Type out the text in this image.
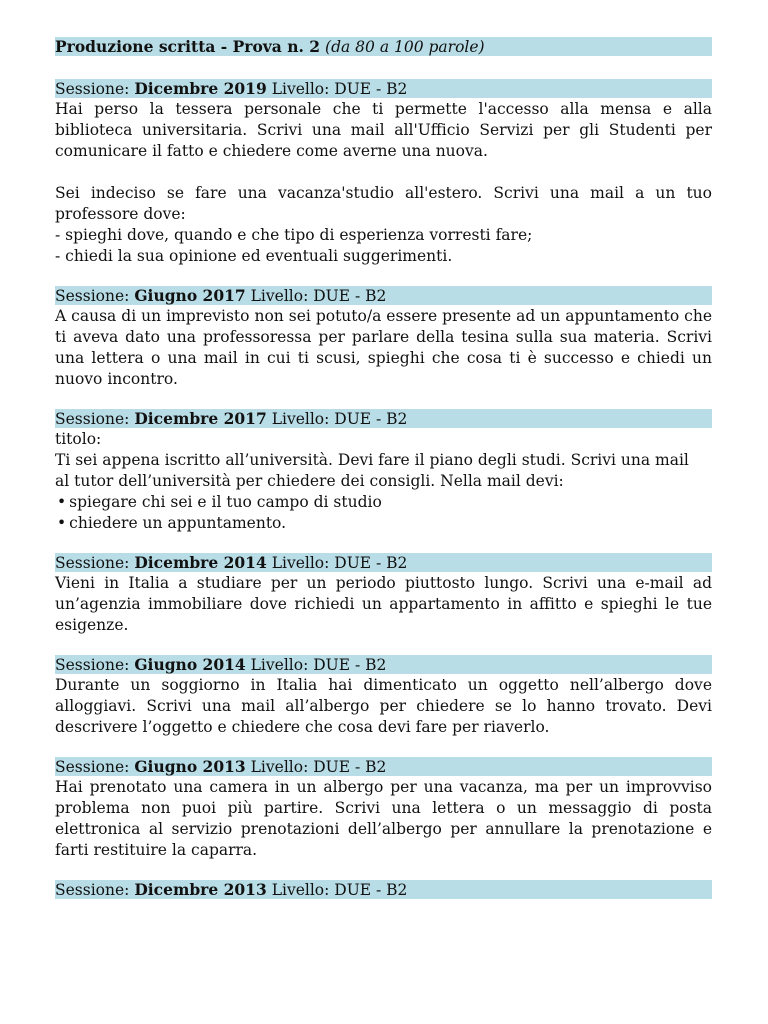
Produzione scritta - Prova n. 2 (da 80 a 100 parole)
Sessione: Dicembre 2019 Livello: DUE - B2

Hai perso la tessera personale che ti permette l'accesso alla mensa e alla biblioteca universitaria. Scrivi una mail all'Ufficio Servizi per gli Studenti per comunicare il fatto e chiedere come averne una nuova.

Sei indeciso se fare una vacanza'studio all'estero. Scrivi una mail a un tuo professore dove:

- spieghi dove, quando e che tipo di esperienza vorresti fare;

- chiedi la sua opinione ed eventuali suggerimenti.

Sessione: Giugno 2017 Livello: DUE - B2

A causa di un imprevisto non sei potuto/a essere presente ad un appuntamento che ti aveva dato una professoressa per parlare della tesina sulla sua materia. Scrivi una lettera o una mail in cui ti scusi, spieghi che cosa ti è successo e chiedi un nuovo incontro.

Sessione: Dicembre 2017 Livello: DUE - B2

titolo:

Ti sei appena iscritto all’università. Devi fare il piano degli studi. Scrivi una mail

al tutor dell’università per chiedere dei consigli. Nella mail devi:

• spiegare chi sei e il tuo campo di studio
• chiedere un appuntamento.
Sessione: Dicembre 2014 Livello: DUE - B2

Vieni in Italia a studiare per un periodo piuttosto lungo. Scrivi una e-mail ad un’agenzia immobiliare dove richiedi un appartamento in affitto e spieghi le tue esigenze.

Sessione: Giugno 2014 Livello: DUE - B2

Durante un soggiorno in Italia hai dimenticato un oggetto nell’albergo dove alloggiavi. Scrivi una mail all’albergo per chiedere se lo hanno trovato. Devi descrivere l’oggetto e chiedere che cosa devi fare per riaverlo.

Sessione: Giugno 2013 Livello: DUE - B2

Hai prenotato una camera in un albergo per una vacanza, ma per un improvviso problema non puoi più partire. Scrivi una lettera o un messaggio di posta elettronica al servizio prenotazioni dell’albergo per annullare la prenotazione e farti restituire la caparra.

Sessione: Dicembre 2013 Livello: DUE - B2
